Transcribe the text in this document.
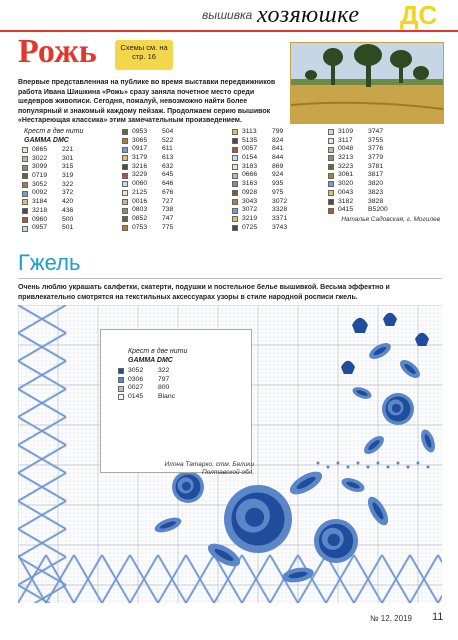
вышивка хозяюшке ДС
Рожь	Схемы см. на стр. 16
Впервые представленная на публике во время выставки передвижников работа Ивана Шишкина «Рожь» сразу заняла почетное место среди шедевров живописи. Сегодня, пожалуй, невозможно найти более популярный и знакомый каждому пейзаж. Продолжаем серию вышивок «Нестареющая классика» этим замечательным произведением.
Крест в две нити
GAMMA DMC
0865	221
3022	301
3099	315
0719	319
3052	322
0092	372
3184	420
3218	436
0960	500
0957	501
0953	504
3065	522
0917	611
3179	613
3216	632
3229	645
0060	646
2125	676
0016	727
0803	738
0852	747
0753	775
3113	799
5135	824
0057	841
0154	844
3183	869
0666	924
3163	935
0928	975
3043	3072
3072	3328
3219	3371
0725	3743
3109	3747
3117	3755
0048	3776
3213	3779
3223	3781
3061	3817
3020	3820
0043	3823
3182	3828
0415	B5200
Наталья Садовская, г. Могилев
Гжель
Очень люблю украшать салфетки, скатерти, подушки и постельное белье вышивкой. Весьма эффектно и привлекательно смотрятся на текстильных аксессуарах узоры в стиле народной росписи гжель.
Крест в две нити
GAMMA DMC
3052	322
0306	797
0027	800
0145	Blanc
Илона Татарко, стм. Белики Полтавской обл.
№ 12, 2019 11
